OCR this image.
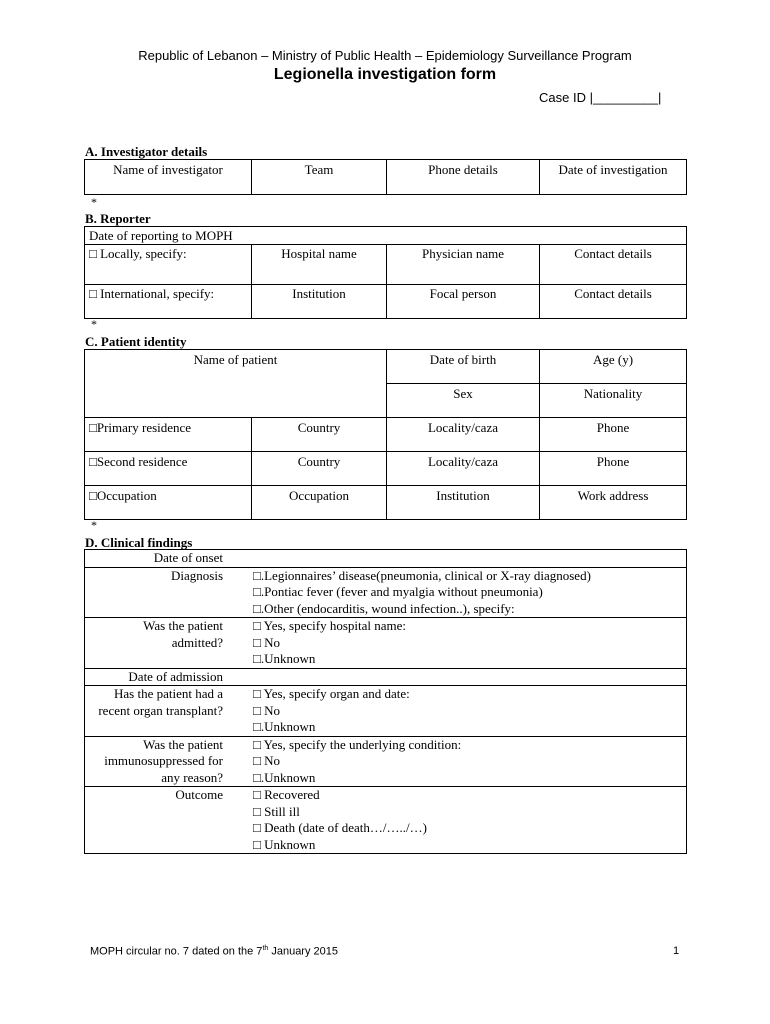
Republic of Lebanon – Ministry of Public Health – Epidemiology Surveillance Program
Legionella investigation form
Case ID |_________|
A. Investigator details
Name of investigator	Team	Phone details	Date of investigation
*
B. Reporter
Date of reporting to MOPH			
□ Locally, specify:	Hospital name	Physician name	Contact details
□ International, specify:	Institution	Focal person	Contact details
*
C. Patient identity
Name of patient		Date of birth	Age (y)
		Sex	Nationality
□Primary residence	Country	Locality/caza	Phone
□Second residence	Country	Locality/caza	Phone
□Occupation	Occupation	Institution	Work address
*
D. Clinical findings
Date of onset	
Diagnosis	□.Legionnaires’ disease(pneumonia, clinical or X-ray diagnosed)
□.Pontiac fever (fever and myalgia without pneumonia)
□.Other (endocarditis, wound infection..), specify:

Was the patient
admitted?	□ Yes, specify hospital name:
□ No
□.Unknown

Date of admission	

Has the patient had a
recent organ transplant?	□ Yes, specify organ and date:
□ No
□.Unknown

Was the patient
immunosuppressed for
any reason?	□ Yes, specify the underlying condition:
□ No
□.Unknown

Outcome	□ Recovered
□ Still ill
□ Death (date of death…/…../…)
□ Unknown
MOPH circular no. 7 dated on the 7th January 2015	1
